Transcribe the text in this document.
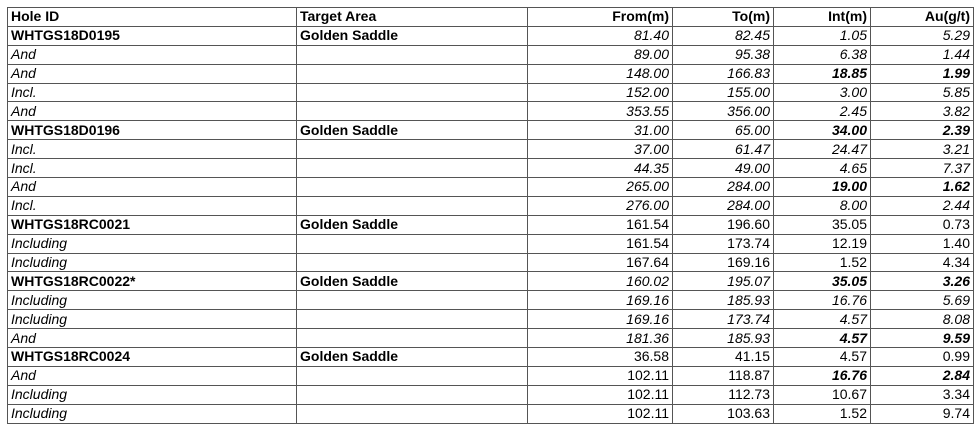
Hole ID	Target Area	From(m)	To(m)	Int(m)	Au(g/t)
WHTGS18D0195	Golden Saddle	81.40	82.45	1.05	5.29
And		89.00	95.38	6.38	1.44
And		148.00	166.83	18.85	1.99
Incl.		152.00	155.00	3.00	5.85
And		353.55	356.00	2.45	3.82
WHTGS18D0196	Golden Saddle	31.00	65.00	34.00	2.39
Incl.		37.00	61.47	24.47	3.21
Incl.		44.35	49.00	4.65	7.37
And		265.00	284.00	19.00	1.62
Incl.		276.00	284.00	8.00	2.44
WHTGS18RC0021	Golden Saddle	161.54	196.60	35.05	0.73
Including		161.54	173.74	12.19	1.40
Including		167.64	169.16	1.52	4.34
WHTGS18RC0022*	Golden Saddle	160.02	195.07	35.05	3.26
Including		169.16	185.93	16.76	5.69
Including		169.16	173.74	4.57	8.08
And		181.36	185.93	4.57	9.59
WHTGS18RC0024	Golden Saddle	36.58	41.15	4.57	0.99
And		102.11	118.87	16.76	2.84
Including		102.11	112.73	10.67	3.34
Including		102.11	103.63	1.52	9.74
